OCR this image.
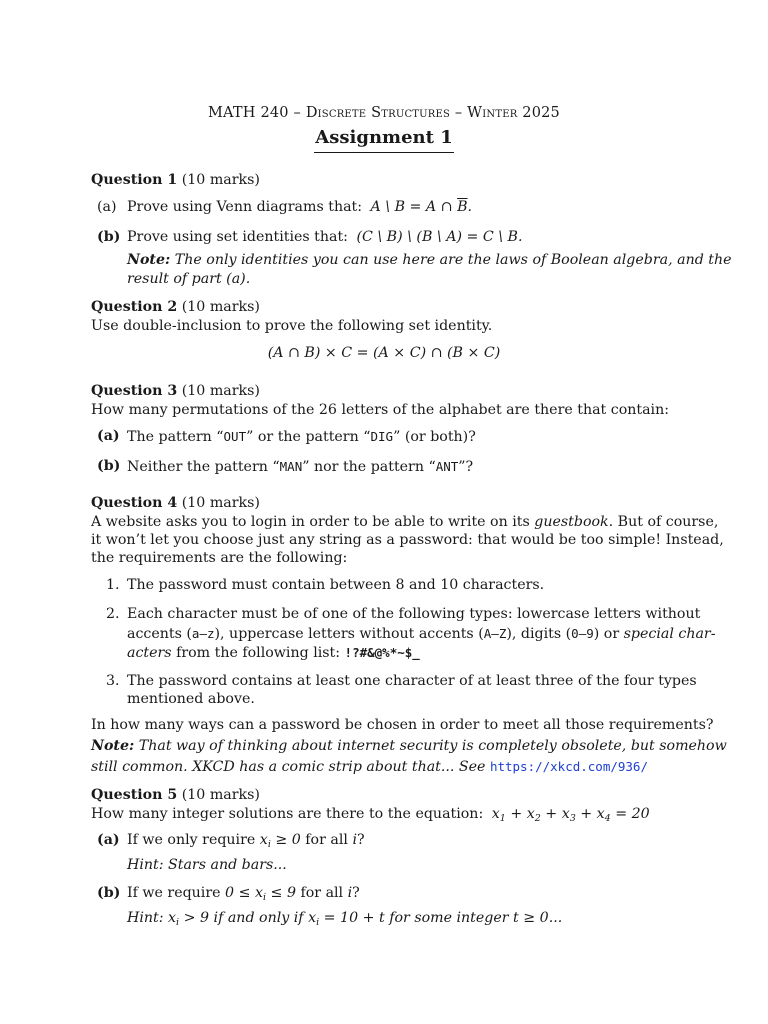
MATH 240 – Discrete Structures – Winter 2025
Assignment 1
Question 1 (10 marks)
(a) Prove using Venn diagrams that: A \ B = A ∩ $\overline{B}$.
(b) Prove using set identities that: (C \ B) \ (B \ A) = C \ B.
Note: The only identities you can use here are the laws of Boolean algebra, and the
result of part (a).
Question 2 (10 marks)
Use double-inclusion to prove the following set identity.
(A ∩ B) × C = (A × C) ∩ (B × C)
Question 3 (10 marks)
How many permutations of the 26 letters of the alphabet are there that contain:
(a) The pattern “OUT” or the pattern “DIG” (or both)?
(b) Neither the pattern “MAN” nor the pattern “ANT”?
Question 4 (10 marks)
A website asks you to login in order to be able to write on its guestbook. But of course,
it won’t let you choose just any string as a password: that would be too simple! Instead,
the requirements are the following:
1. The password must contain between 8 and 10 characters.
2. Each character must be of one of the following types: lowercase letters without
accents (a–z), uppercase letters without accents (A–Z), digits (0–9) or special char-
acters from the following list: !?#&@%*~$_
3. The password contains at least one character of at least three of the four types
mentioned above.
In how many ways can a password be chosen in order to meet all those requirements?
Note: That way of thinking about internet security is completely obsolete, but somehow
still common. XKCD has a comic strip about that... See https://xkcd.com/936/
Question 5 (10 marks)
How many integer solutions are there to the equation: $x_1 + x_2 + x_3 + x_4 = 20$
(a) If we only require $x_i \ge 0$ for all i?
Hint: Stars and bars...
(b) If we require $0 \le x_i \le 9$ for all i?
Hint: $x_i > 9$ if and only if $x_i = 10 + t$ for some integer t ≥ 0...
